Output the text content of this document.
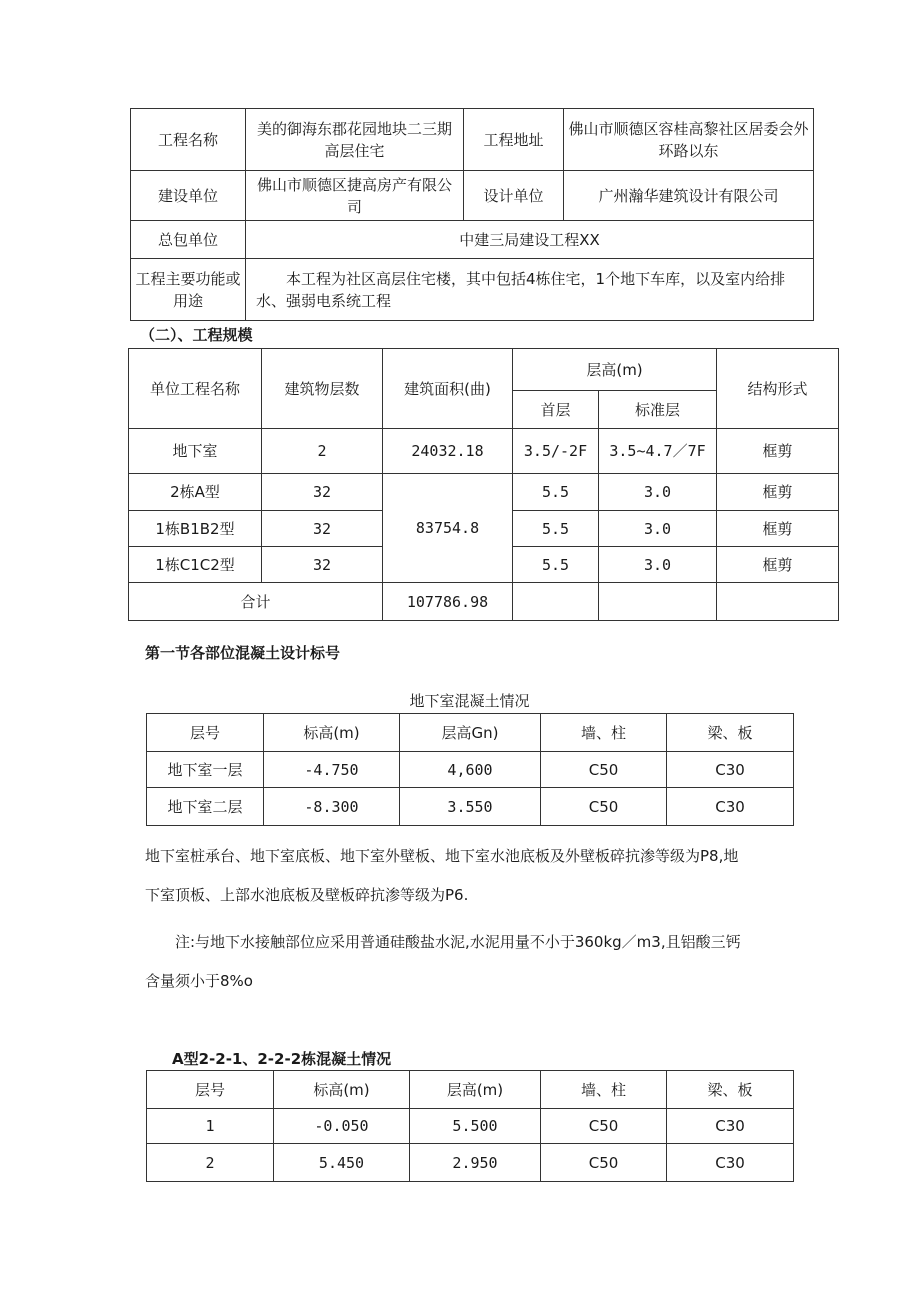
工程名称	美的御海东郡花园地块二三期高层住宅	工程地址	佛山市顺德区容桂高黎社区居委会外环路以东
建设单位	佛山市顺德区捷高房产有限公司	设计单位	广州瀚华建筑设计有限公司
总包单位	中建三局建设工程XX		
工程主要功能或用途	本工程为社区高层住宅楼，其中包括4栋住宅，1个地下车库，以及室内给排水、强弱电系统工程		
（二）、工程规模
单位工程名称	建筑物层数	建筑面积(曲)	层高(m)		结构形式
			首层	标准层	
地下室	2	24032.18	3.5/-2F	3.5~4.7／7F	框剪
2栋A型	32	83754.8	5.5	3.0	框剪
1栋B1B2型	32		5.5	3.0	框剪
1栋C1C2型	32		5.5	3.0	框剪
合计		107786.98			
第一节各部位混凝土设计标号
地下室混凝土情况
层号	标高(m)	层高Gn)	墙、柱	梁、板
地下室一层	-4.750	4,600	C50	C30
地下室二层	-8.300	3.550	C50	C30
地下室桩承台、地下室底板、地下室外壁板、地下室水池底板及外壁板碎抗渗等级为P8,地
下室顶板、上部水池底板及壁板碎抗渗等级为P6.
注:与地下水接触部位应采用普通硅酸盐水泥,水泥用量不小于360kg／m3,且铝酸三钙
含量须小于8%o
A型2-2-1、2-2-2栋混凝土情况
层号	标高(m)	层高(m)	墙、柱	梁、板
1	-0.050	5.500	C50	C30
2	5.450	2.950	C50	C30
